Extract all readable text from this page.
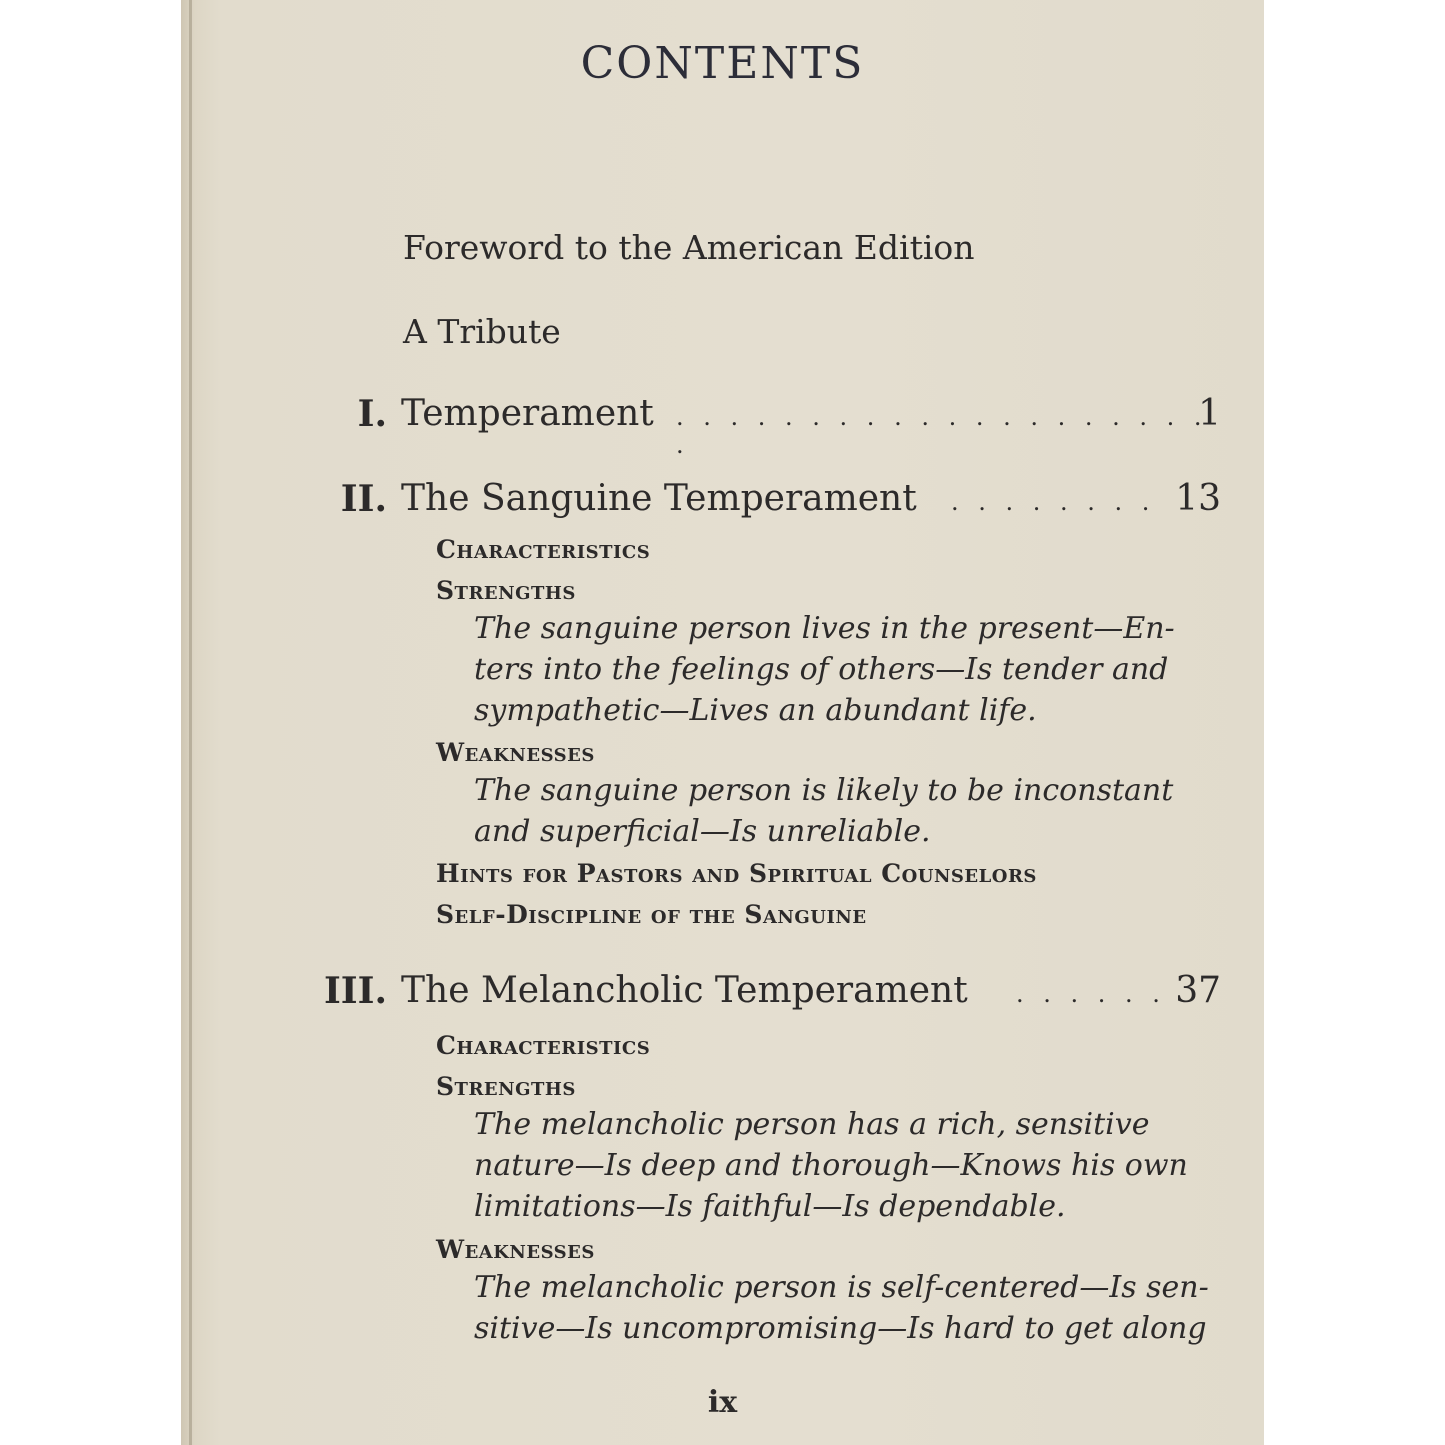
CONTENTS
Foreword to the American Edition
A Tribute
I. Temperament . . . . . . . . . . . . . . . . . . . . .
1
II. The Sanguine Temperament . . . . . . . . 13
Characteristics
Strengths
The sanguine person lives in the present—En-
ters into the feelings of others—Is tender and
sympathetic—Lives an abundant life.
Weaknesses
The sanguine person is likely to be inconstant
and superficial—Is unreliable.
Hints for Pastors and Spiritual Counselors
Self-Discipline of the Sanguine
III. The Melancholic Temperament . . . . . . 37
Characteristics
Strengths
The melancholic person has a rich, sensitive
nature—Is deep and thorough—Knows his own
limitations—Is faithful—Is dependable.
Weaknesses
The melancholic person is self-centered—Is sen-
sitive—Is uncompromising—Is hard to get along
ix
